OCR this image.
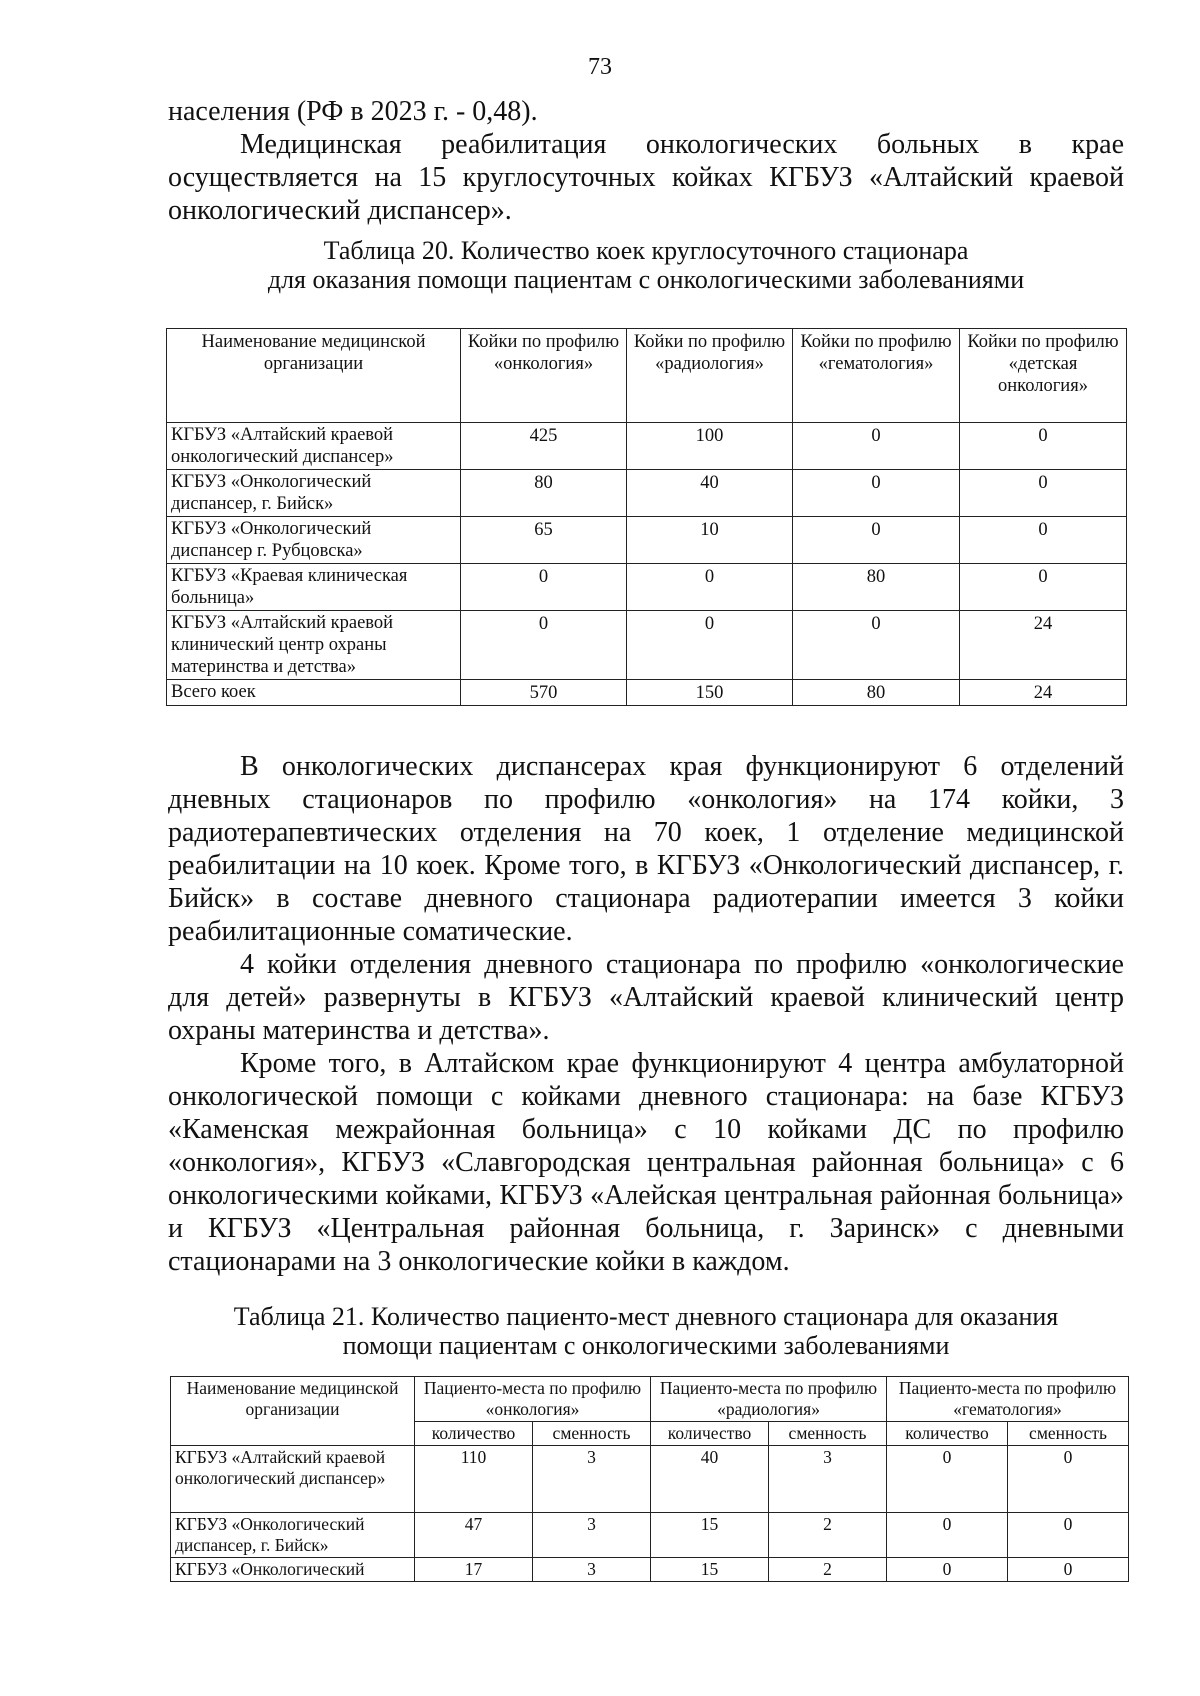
73

населения (РФ в 2023 г. - 0,48).

Медицинская реабилитация онкологических больных в крае осуществляется на 15 круглосуточных койках КГБУЗ «Алтайский краевой онкологический диспансер».

Таблица 20. Количество коек круглосуточного стационара
для оказания помощи пациентам с онкологическими заболеваниями
Наименование медицинской организации	Койки по профилю «онкология»	Койки по профилю «радиология»	Койки по профилю «гематология»	Койки по профилю «детская онкология»
КГБУЗ «Алтайский краевой онкологический диспансер»	425	100	0	0
КГБУЗ «Онкологический диспансер, г. Бийск»	80	40	0	0
КГБУЗ «Онкологический диспансер г. Рубцовска»	65	10	0	0
КГБУЗ «Краевая клиническая больница»	0	0	80	0
КГБУЗ «Алтайский краевой клинический центр охраны материнства и детства»	0	0	0	24
Всего коек	570	150	80	24

В онкологических диспансерах края функционируют 6 отделений дневных стационаров по профилю «онкология» на 174 койки, 3 радиотерапевтических отделения на 70 коек, 1 отделение медицинской реабилитации на 10 коек. Кроме того, в КГБУЗ «Онкологический диспансер, г. Бийск» в составе дневного стационара радиотерапии имеется 3 койки реабилитационные соматические.

4 койки отделения дневного стационара по профилю «онкологические для детей» развернуты в КГБУЗ «Алтайский краевой клинический центр охраны материнства и детства».

Кроме того, в Алтайском крае функционируют 4 центра амбулаторной онкологической помощи с койками дневного стационара: на базе КГБУЗ «Каменская межрайонная больница» с 10 койками ДС по профилю «онкология», КГБУЗ «Славгородская центральная районная больница» с 6 онкологическими койками, КГБУЗ «Алейская центральная районная больница» и КГБУЗ «Центральная районная больница, г. Заринск» с дневными стационарами на 3 онкологические койки в каждом.

Таблица 21. Количество пациенто-мест дневного стационара для оказания
помощи пациентам с онкологическими заболеваниями
Наименование медицинской организации	Пациенто-места по профилю «онкология»		Пациенто-места по профилю «радиология»		Пациенто-места по профилю «гематология»	
	количество	сменность	количество	сменность	количество	сменность
КГБУЗ «Алтайский краевой онкологический диспансер»	110	3	40	3	0	0
КГБУЗ «Онкологический диспансер, г. Бийск»	47	3	15	2	0	0
КГБУЗ «Онкологический	17	3	15	2	0	0
